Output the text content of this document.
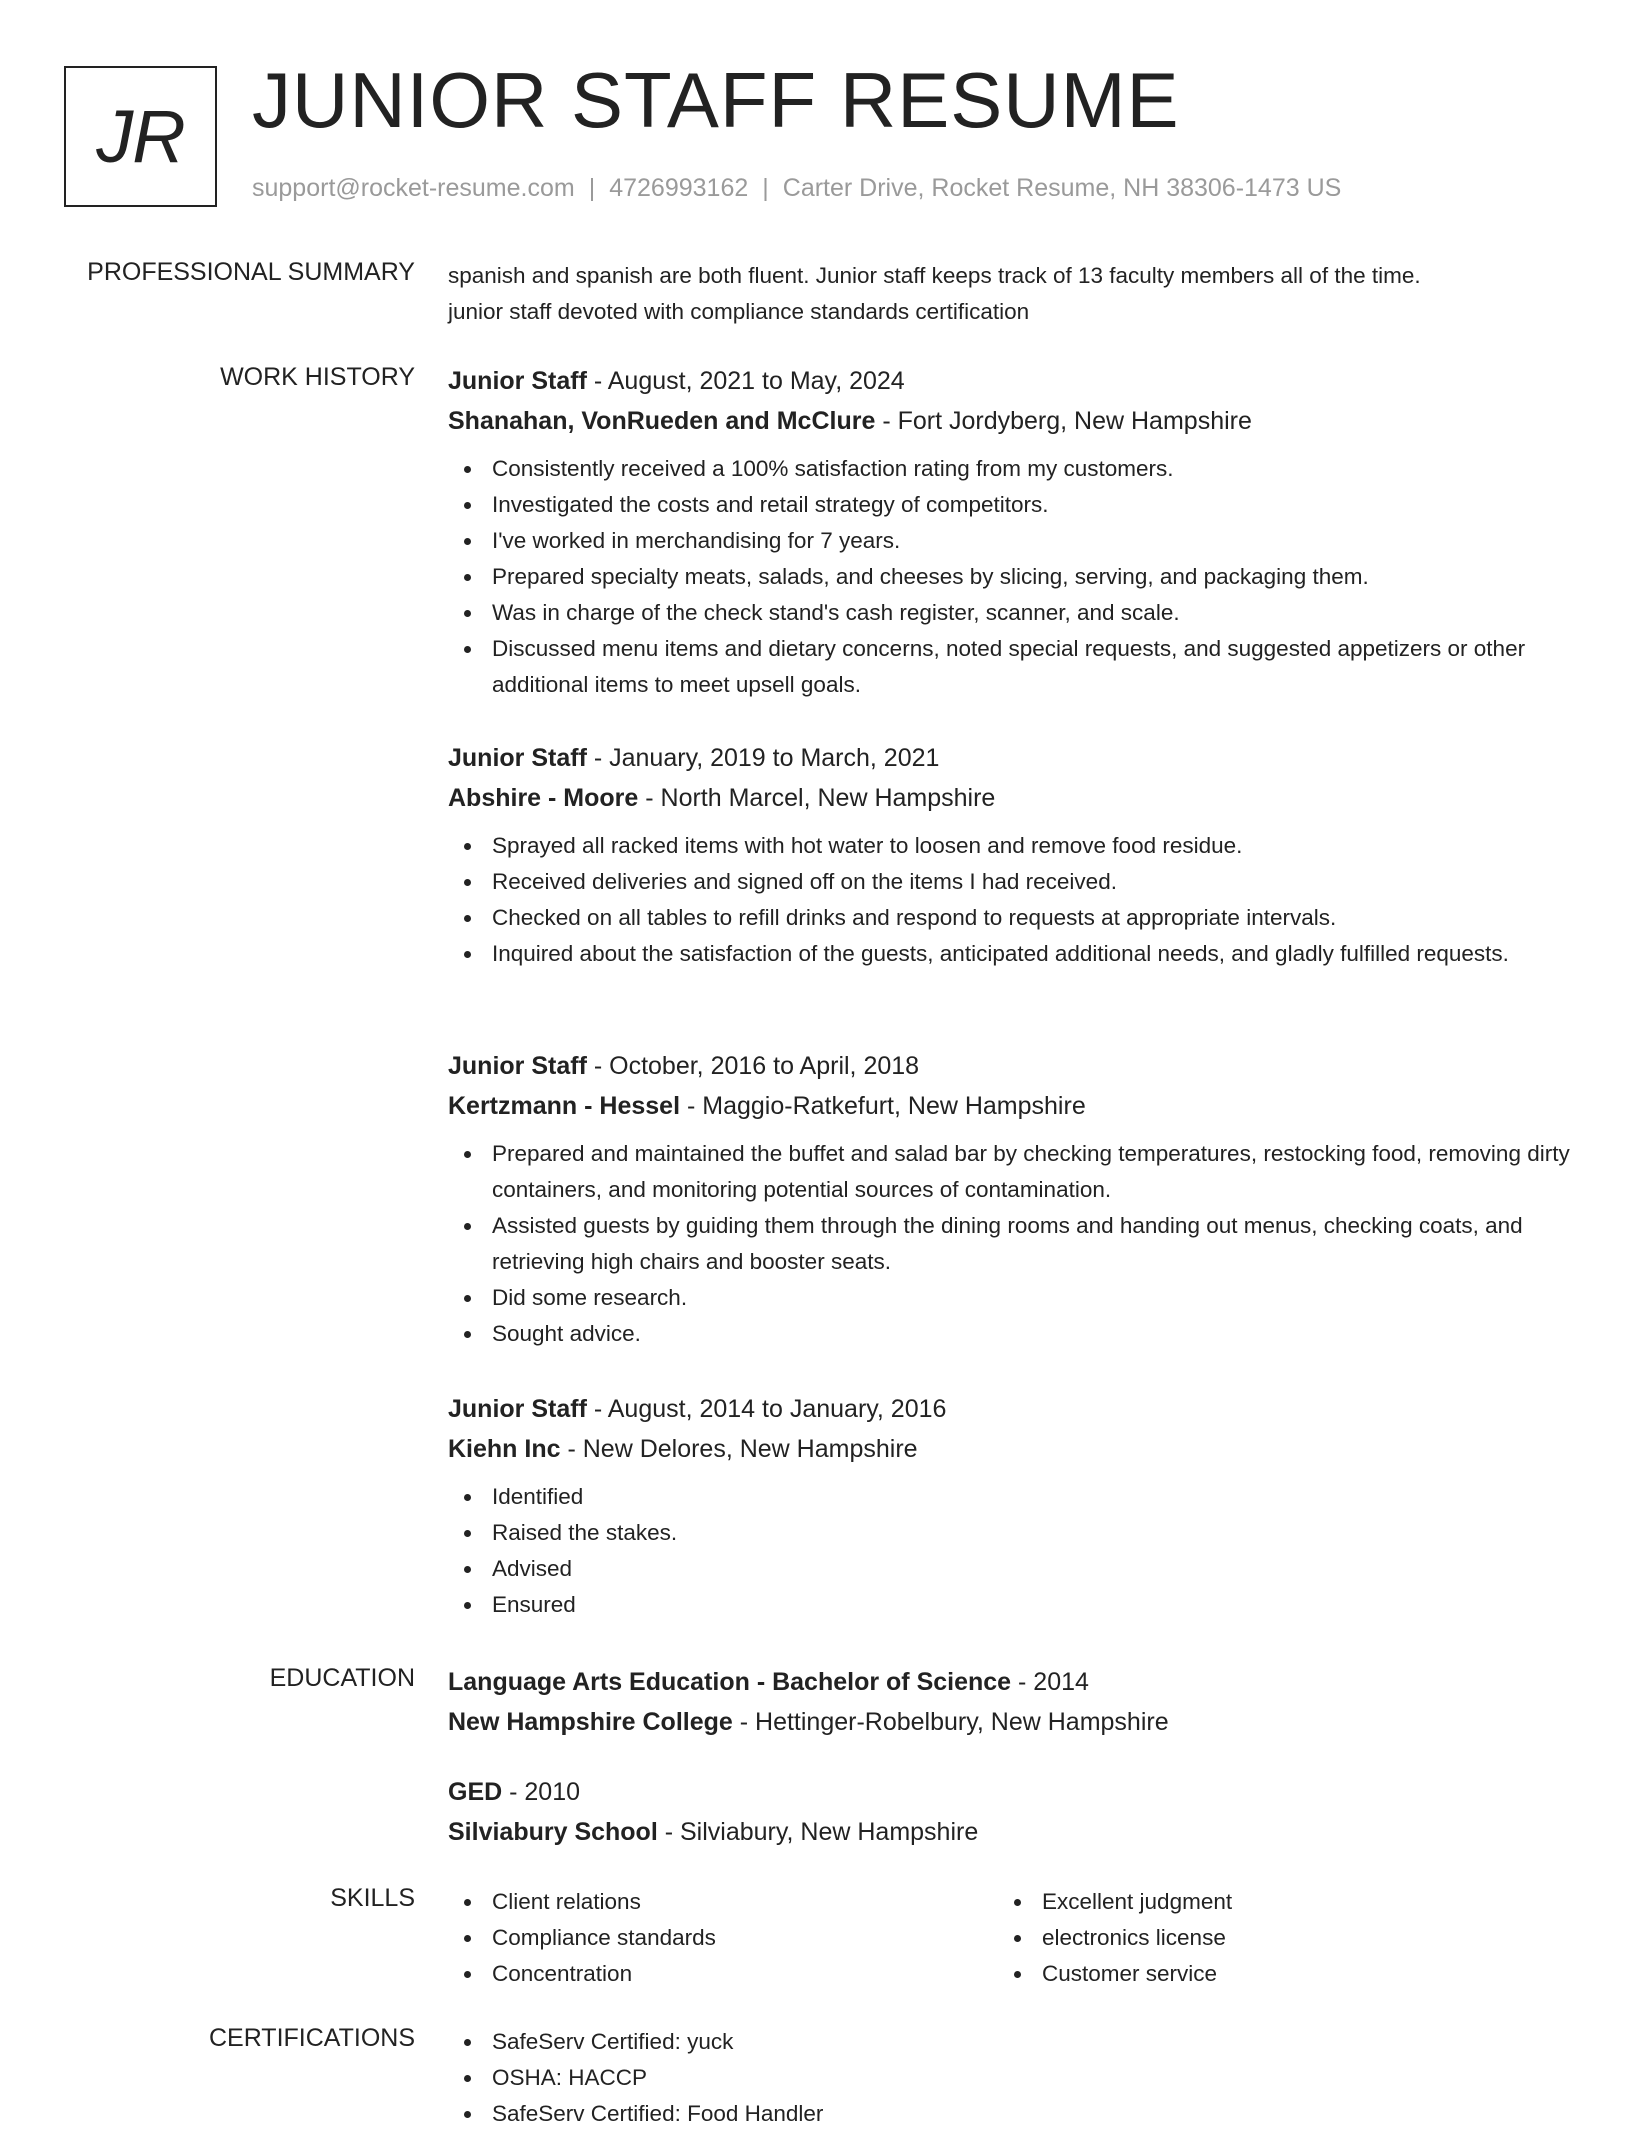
JR JUNIOR STAFF RESUME
support@rocket-resume.com | 4726993162 | Carter Drive, Rocket Resume, NH 38306-1473 US
PROFESSIONAL SUMMARY spanish and spanish are both fluent. Junior staff keeps track of 13 faculty members all of the time.
junior staff devoted with compliance standards certification
WORK HISTORY Junior Staff - August, 2021 to May, 2024
Shanahan, VonRueden and McClure - Fort Jordyberg, New Hampshire
Consistently received a 100% satisfaction rating from my customers.
Investigated the costs and retail strategy of competitors.
I've worked in merchandising for 7 years.
Prepared specialty meats, salads, and cheeses by slicing, serving, and packaging them.
Was in charge of the check stand's cash register, scanner, and scale.
Discussed menu items and dietary concerns, noted special requests, and suggested appetizers or other additional items to meet upsell goals.
Junior Staff - January, 2019 to March, 2021
Abshire - Moore - North Marcel, New Hampshire
Sprayed all racked items with hot water to loosen and remove food residue.
Received deliveries and signed off on the items I had received.
Checked on all tables to refill drinks and respond to requests at appropriate intervals.
Inquired about the satisfaction of the guests, anticipated additional needs, and gladly fulfilled requests.
Junior Staff - October, 2016 to April, 2018
Kertzmann - Hessel - Maggio-Ratkefurt, New Hampshire
Prepared and maintained the buffet and salad bar by checking temperatures, restocking food, removing dirty containers, and monitoring potential sources of contamination.
Assisted guests by guiding them through the dining rooms and handing out menus, checking coats, and retrieving high chairs and booster seats.
Did some research.
Sought advice.
Junior Staff - August, 2014 to January, 2016
Kiehn Inc - New Delores, New Hampshire
Identified
Raised the stakes.
Advised
Ensured
EDUCATION Language Arts Education - Bachelor of Science - 2014
New Hampshire College - Hettinger-Robelbury, New Hampshire
GED - 2010
Silviabury School - Silviabury, New Hampshire
SKILLS	Client relations
Compliance standards
Concentration
Excellent judgment
electronics license
Customer service
CERTIFICATIONS	SafeServ Certified: yuck
OSHA: HACCP
SafeServ Certified: Food Handler
